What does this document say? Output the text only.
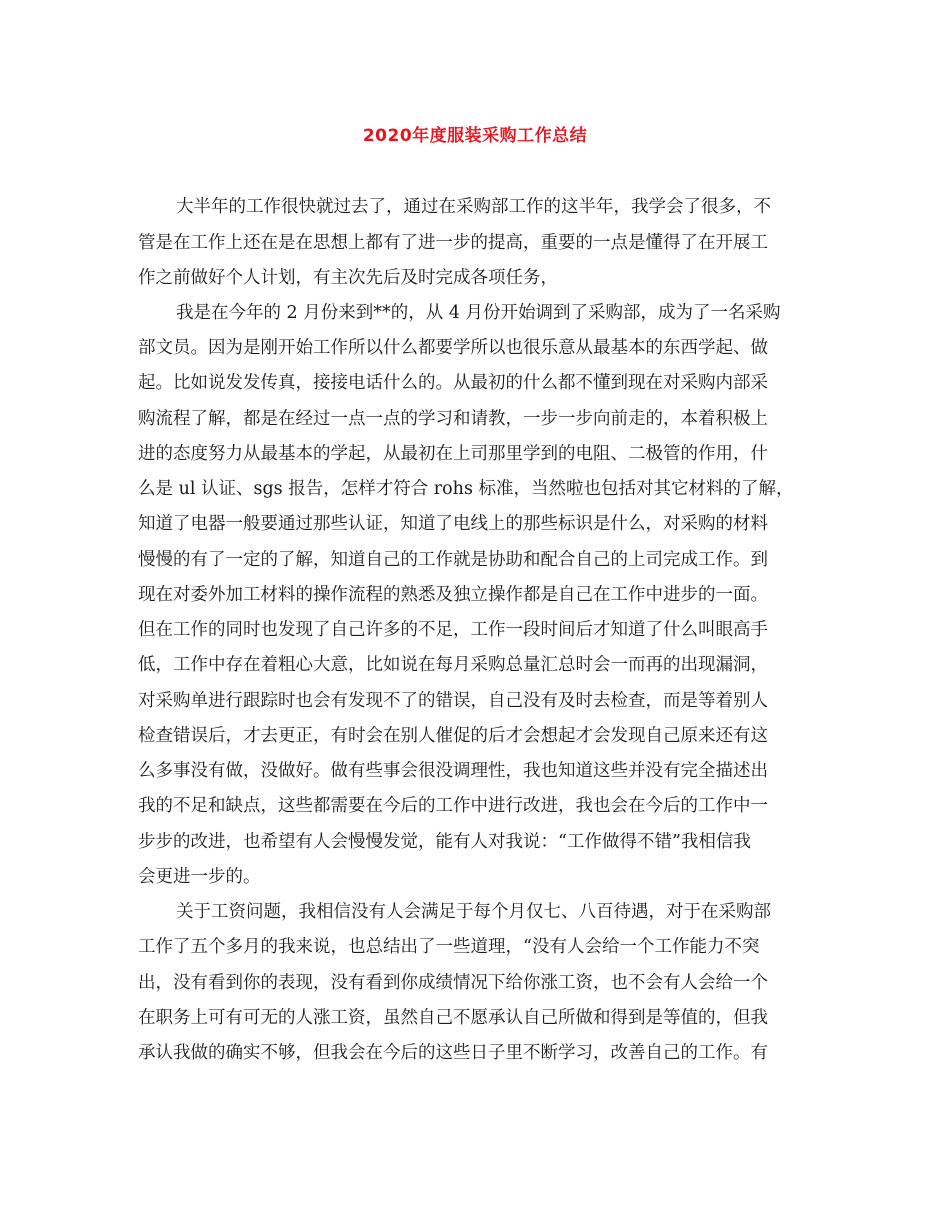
2020年度服装采购工作总结

大半年的工作很快就过去了，通过在采购部工作的这半年，我学会了很多，不

管是在工作上还在是在思想上都有了进一步的提高，重要的一点是懂得了在开展工

作之前做好个人计划，有主次先后及时完成各项任务，

我是在今年的 2 月份来到**的，从 4 月份开始调到了采购部，成为了一名采购

部文员。因为是刚开始工作所以什么都要学所以也很乐意从最基本的东西学起、做

起。比如说发发传真，接接电话什么的。从最初的什么都不懂到现在对采购内部采

购流程了解，都是在经过一点一点的学习和请教，一步一步向前走的，本着积极上

进的态度努力从最基本的学起，从最初在上司那里学到的电阻、二极管的作用，什

么是 ul 认证、sgs 报告，怎样才符合 rohs 标准，当然啦也包括对其它材料的了解，

知道了电器一般要通过那些认证，知道了电线上的那些标识是什么，对采购的材料

慢慢的有了一定的了解，知道自己的工作就是协助和配合自己的上司完成工作。到

现在对委外加工材料的操作流程的熟悉及独立操作都是自己在工作中进步的一面。

但在工作的同时也发现了自己许多的不足，工作一段时间后才知道了什么叫眼高手

低，工作中存在着粗心大意，比如说在每月采购总量汇总时会一而再的出现漏洞，

对采购单进行跟踪时也会有发现不了的错误，自己没有及时去检查，而是等着别人

检查错误后，才去更正，有时会在别人催促的后才会想起才会发现自己原来还有这

么多事没有做，没做好。做有些事会很没调理性，我也知道这些并没有完全描述出

我的不足和缺点，这些都需要在今后的工作中进行改进，我也会在今后的工作中一

步步的改进，也希望有人会慢慢发觉，能有人对我说：“工作做得不错”我相信我

会更进一步的。

关于工资问题，我相信没有人会满足于每个月仅七、八百待遇，对于在采购部

工作了五个多月的我来说，也总结出了一些道理，“没有人会给一个工作能力不突

出，没有看到你的表现，没有看到你成绩情况下给你涨工资，也不会有人会给一个

在职务上可有可无的人涨工资，虽然自己不愿承认自己所做和得到是等值的，但我

承认我做的确实不够，但我会在今后的这些日子里不断学习，改善自己的工作。有
